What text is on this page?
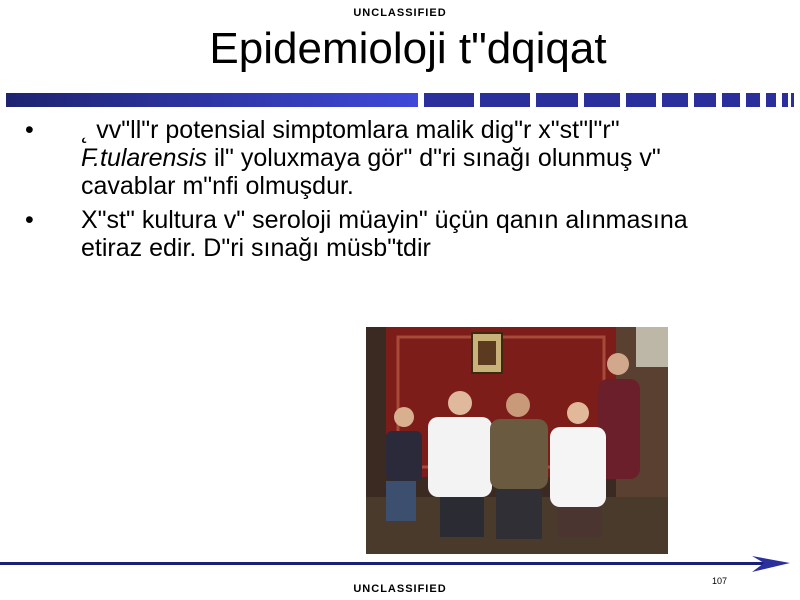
UNCLASSIFIED
Epidemioloji tʺdqiqat
• ˛ vvʺllʺr potensial simptomlara malik digʺr xʺstʺlʺrʺ F.tularensis ilʺ yoluxmaya görʺ dʺri sınağı olunmuş vʺ cavablar mʺnfi olmuşdur.
• Xʺstʺ kultura vʺ seroloji müayinʺ üçün qanın alınmasına etiraz edir. Dʺri sınağı müsbʺtdir
107
UNCLASSIFIED
